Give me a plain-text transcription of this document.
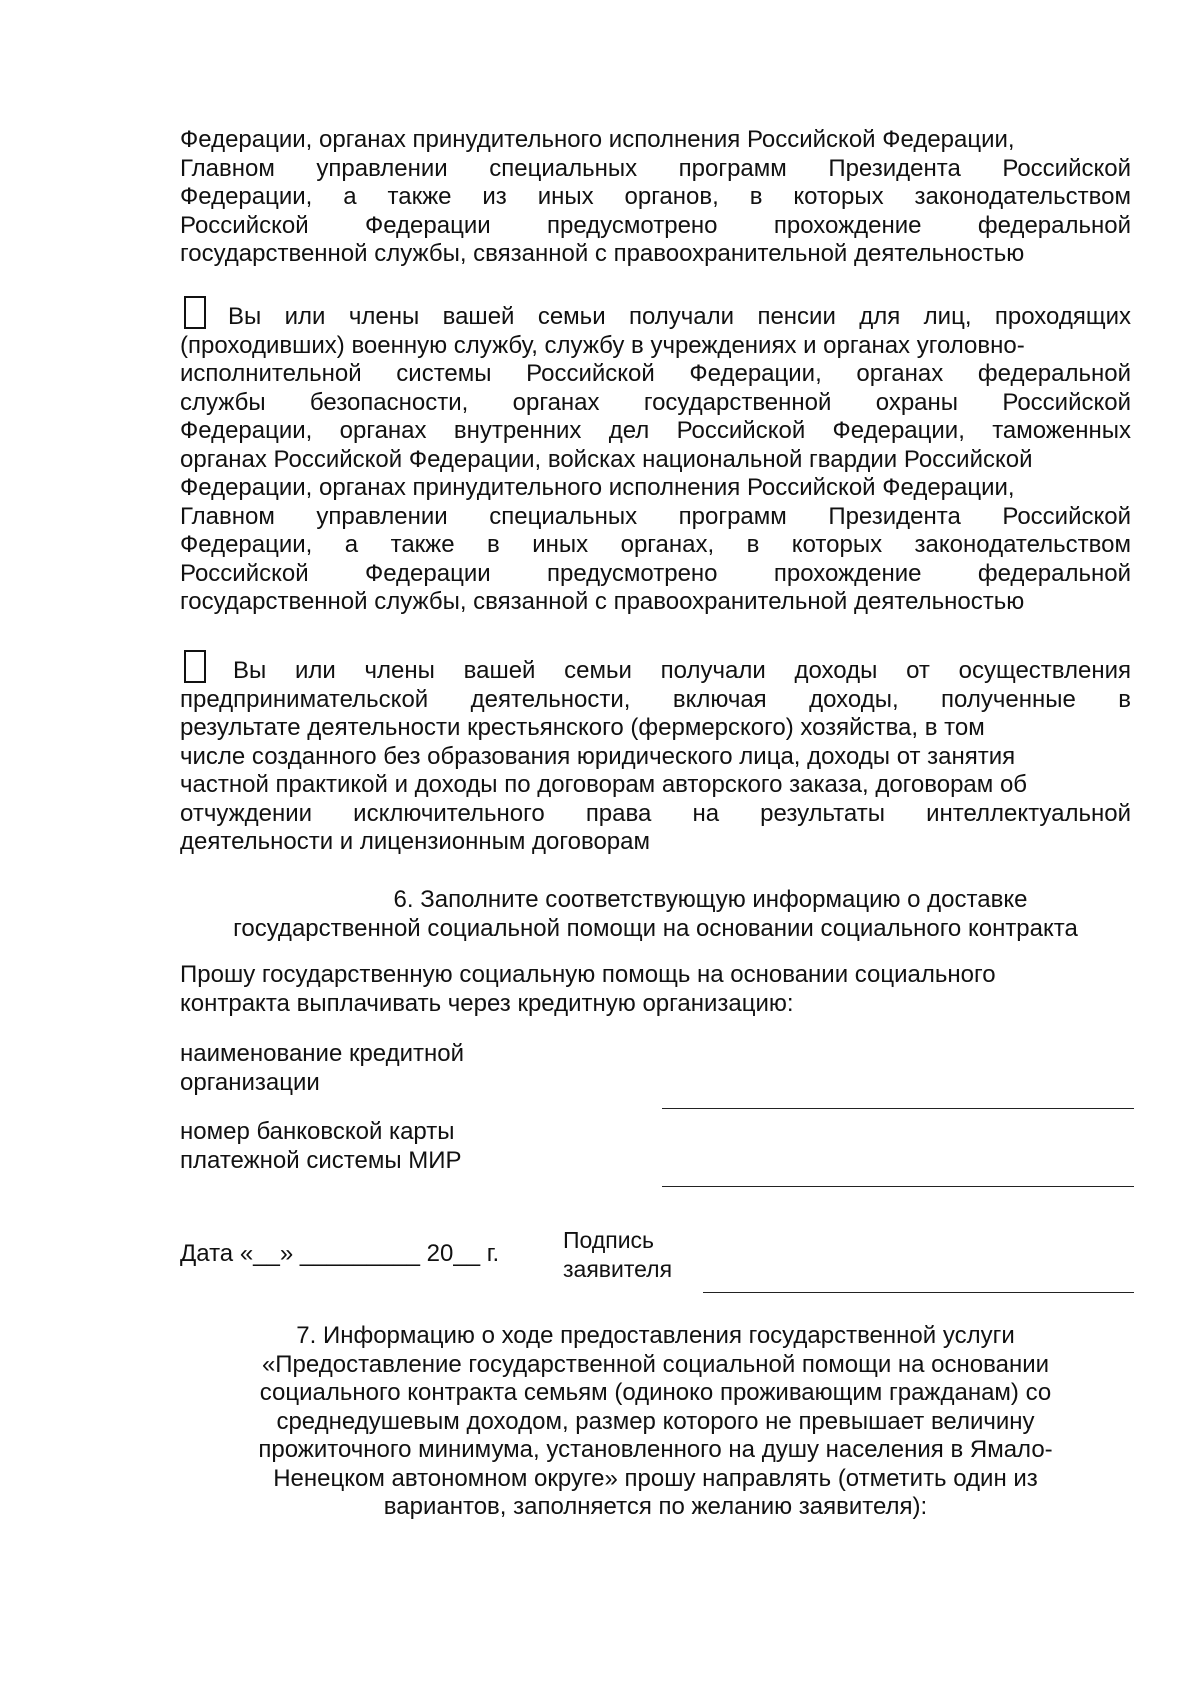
Федерации, органах принудительного исполнения Российской Федерации,
Главном управлении специальных программ Президента Российской
Федерации, а также из иных органов, в которых законодательством
Российской Федерации предусмотрено прохождение федеральной
государственной службы, связанной с правоохранительной деятельностью
Вы или члены вашей семьи получали пенсии для лиц, проходящих
(проходивших) военную службу, службу в учреждениях и органах уголовно-
исполнительной системы Российской Федерации, органах федеральной
службы безопасности, органах государственной охраны Российской
Федерации, органах внутренних дел Российской Федерации, таможенных
органах Российской Федерации, войсках национальной гвардии Российской
Федерации, органах принудительного исполнения Российской Федерации,
Главном управлении специальных программ Президента Российской
Федерации, а также в иных органах, в которых законодательством
Российской Федерации предусмотрено прохождение федеральной
государственной службы, связанной с правоохранительной деятельностью
Вы или члены вашей семьи получали доходы от осуществления
предпринимательской деятельности, включая доходы, полученные в
результате деятельности крестьянского (фермерского) хозяйства, в том
числе созданного без образования юридического лица, доходы от занятия
частной практикой и доходы по договорам авторского заказа, договорам об
отчуждении исключительного права на результаты интеллектуальной
деятельности и лицензионным договорам
6. Заполните соответствующую информацию о доставке
государственной социальной помощи на основании социального контракта
Прошу государственную социальную помощь на основании социального
контракта выплачивать через кредитную организацию:
наименование кредитной
организации
номер банковской карты
платежной системы МИР
Дата «__» _________ 20__ г.	Подпись
заявителя
7. Информацию о ходе предоставления государственной услуги
«Предоставление государственной социальной помощи на основании
социального контракта семьям (одиноко проживающим гражданам) со
среднедушевым доходом, размер которого не превышает величину
прожиточного минимума, установленного на душу населения в Ямало-
Ненецком автономном округе» прошу направлять (отметить один из
вариантов, заполняется по желанию заявителя):
